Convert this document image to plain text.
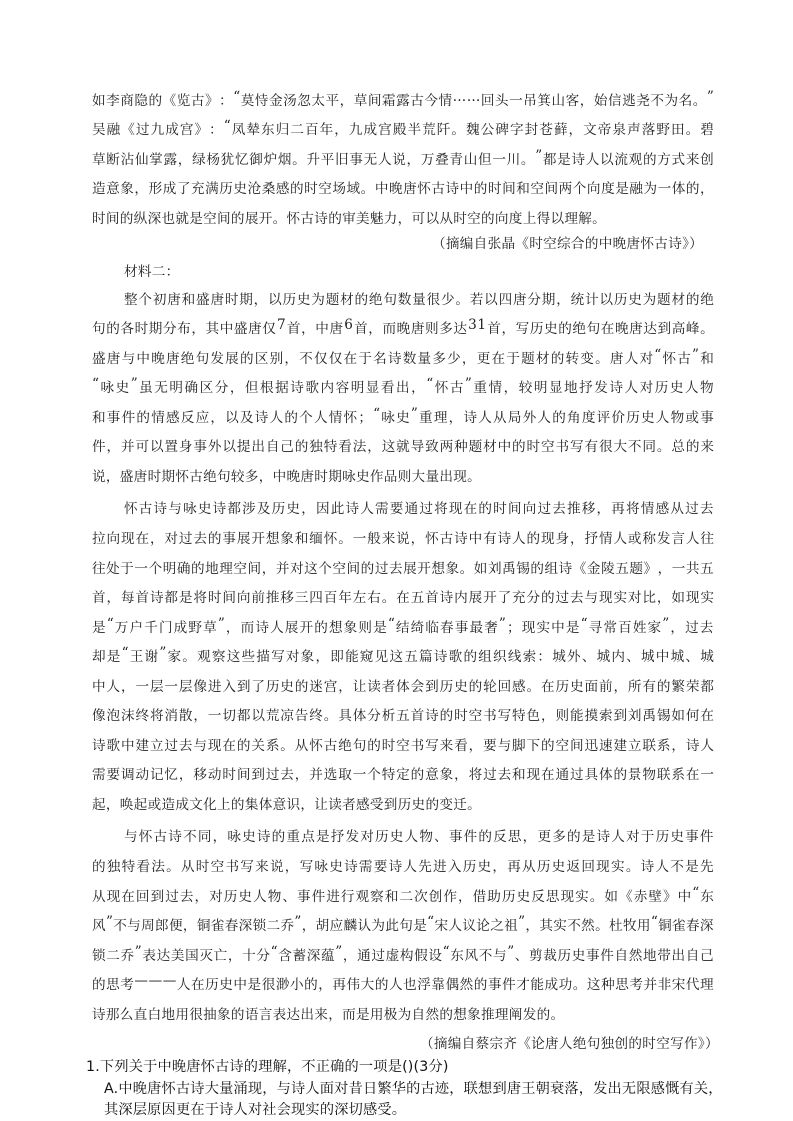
如 李 商 隐 的 《 览 古 》 ： “ 莫 恃 金 汤 忽 太 平 ， 草 间 霜 露 古 今 情 … … 回 头 一 吊 箕 山 客 ， 始 信 逃 尧 不 为 名 。 ”
吴 融 《 过 九 成 宫 》 ： “ 凤 辇 东 归 二 百 年 ， 九 成 宫 殿 半 荒 阡 。 魏 公 碑 字 封 苍 藓 ， 文 帝 泉 声 落 野 田 。 碧
草 断 沾 仙 掌 露 ， 绿 杨 犹 忆 御 炉 烟 。 升 平 旧 事 无 人 说 ， 万 叠 青 山 但 一 川 。 ” 都 是 诗 人 以 流 观 的 方 式 来 创
造 意 象 ， 形 成 了 充 满 历 史 沧 桑 感 的 时 空 场 域 。 中 晚 唐 怀 古 诗 中 的 时 间 和 空 间 两 个 向 度 是 融 为 一 体 的 ，
时间的纵深也就是空间的展开。怀古诗的审美魅力，可以从时空的向度上得以理解。
（摘编自张晶《时空综合的中晚唐怀古诗》）
材料二：
整 个 初 唐 和 盛 唐 时 期 ， 以 历 史 为 题 材 的 绝 句 数 量 很 少 。 若 以 四 唐 分 期 ， 统 计 以 历 史 为 题 材 的 绝
句 的 各 时 期 分 布 ， 其 中 盛 唐 仅 7 首 ， 中 唐 6 首 ， 而 晚 唐 则 多 达 3 1 首 ， 写 历 史 的 绝 句 在 晚 唐 达 到 高 峰 。
盛 唐 与 中 晚 唐 绝 句 发 展 的 区 别 ， 不 仅 仅 在 于 名 诗 数 量 多 少 ， 更 在 于 题 材 的 转 变 。 唐 人 对 “ 怀 古 ” 和
“ 咏 史 ” 虽 无 明 确 区 分 ， 但 根 据 诗 歌 内 容 明 显 看 出 ， “ 怀 古 ” 重 情 ， 较 明 显 地 抒 发 诗 人 对 历 史 人 物
和 事 件 的 情 感 反 应 ， 以 及 诗 人 的 个 人 情 怀 ； “ 咏 史 ” 重 理 ， 诗 人 从 局 外 人 的 角 度 评 价 历 史 人 物 或 事
件 ， 并 可 以 置 身 事 外 以 提 出 自 己 的 独 特 看 法 ， 这 就 导 致 两 种 题 材 中 的 时 空 书 写 有 很 大 不 同 。 总 的 来
说，盛唐时期怀古绝句较多，中晚唐时期咏史作品则大量出现。
怀 古 诗 与 咏 史 诗 都 涉 及 历 史 ， 因 此 诗 人 需 要 通 过 将 现 在 的 时 间 向 过 去 推 移 ， 再 将 情 感 从 过 去
拉 向 现 在 ， 对 过 去 的 事 展 开 想 象 和 缅 怀 。 一 般 来 说 ， 怀 古 诗 中 有 诗 人 的 现 身 ， 抒 情 人 或 称 发 言 人 往
往 处 于 一 个 明 确 的 地 理 空 间 ， 并 对 这 个 空 间 的 过 去 展 开 想 象 。 如 刘 禹 锡 的 组 诗 《 金 陵 五 题 》 ， 一 共 五
首 ， 每 首 诗 都 是 将 时 间 向 前 推 移 三 四 百 年 左 右 。 在 五 首 诗 内 展 开 了 充 分 的 过 去 与 现 实 对 比 ， 如 现 实
是 “ 万 户 千 门 成 野 草 ” ， 而 诗 人 展 开 的 想 象 则 是 “ 结 绮 临 春 事 最 奢 ” ； 现 实 中 是 “ 寻 常 百 姓 家 ” ， 过 去
却 是 “ 王 谢 ” 家 。 观 察 这 些 描 写 对 象 ， 即 能 窥 见 这 五 篇 诗 歌 的 组 织 线 索 ： 城 外 、 城 内 、 城 中 城 、 城
中 人 ， 一 层 一 层 像 进 入 到 了 历 史 的 迷 宫 ， 让 读 者 体 会 到 历 史 的 轮 回 感 。 在 历 史 面 前 ， 所 有 的 繁 荣 都
像 泡 沫 终 将 消 散 ， 一 切 都 以 荒 凉 告 终 。 具 体 分 析 五 首 诗 的 时 空 书 写 特 色 ， 则 能 摸 索 到 刘 禹 锡 如 何 在
诗 歌 中 建 立 过 去 与 现 在 的 关 系 。 从 怀 古 绝 句 的 时 空 书 写 来 看 ， 要 与 脚 下 的 空 间 迅 速 建 立 联 系 ， 诗 人
需 要 调 动 记 忆 ， 移 动 时 间 到 过 去 ， 并 选 取 一 个 特 定 的 意 象 ， 将 过 去 和 现 在 通 过 具 体 的 景 物 联 系 在 一
起，唤起或造成文化上的集体意识，让读者感受到历史的变迁。
与 怀 古 诗 不 同 ， 咏 史 诗 的 重 点 是 抒 发 对 历 史 人 物 、 事 件 的 反 思 ， 更 多 的 是 诗 人 对 于 历 史 事 件
的 独 特 看 法 。 从 时 空 书 写 来 说 ， 写 咏 史 诗 需 要 诗 人 先 进 入 历 史 ， 再 从 历 史 返 回 现 实 。 诗 人 不 是 先
从 现 在 回 到 过 去 ， 对 历 史 人 物 、 事 件 进 行 观 察 和 二 次 创 作 ， 借 助 历 史 反 思 现 实 。 如 《 赤 壁 》 中 “ 东
风 ” 不 与 周 郎 便 ， 铜 雀 春 深 锁 二 乔 ” ， 胡 应 麟 认 为 此 句 是 “ 宋 人 议 论 之 祖 ” ， 其 实 不 然 。 杜 牧 用 “ 铜 雀 春 深
锁 二 乔 ” 表 达 美 国 灭 亡 ， 十 分 “ 含 蓄 深 蕴 ” ， 通 过 虚 构 假 设 “ 东 风 不 与 ” 、 剪 裁 历 史 事 件 自 然 地 带 出 自 己
的 思 考 — — — 人 在 历 史 中 是 很 渺 小 的 ， 再 伟 大 的 人 也 浮 靠 偶 然 的 事 件 才 能 成 功 。 这 种 思 考 并 非 宋 代 理
诗那么直白地用很抽象的语言表达出来，而是用极为自然的想象推理阐发的。
（摘编自蔡宗齐《论唐人绝句独创的时空写作》）
1.下列关于中晚唐怀古诗的理解，不正确的一项是()(3分)
A.中晚唐怀古诗大量涌现，与诗人面对昔日繁华的古迹，联想到唐王朝衰落，发出无限感慨有关，
其深层原因更在于诗人对社会现实的深切感受。
